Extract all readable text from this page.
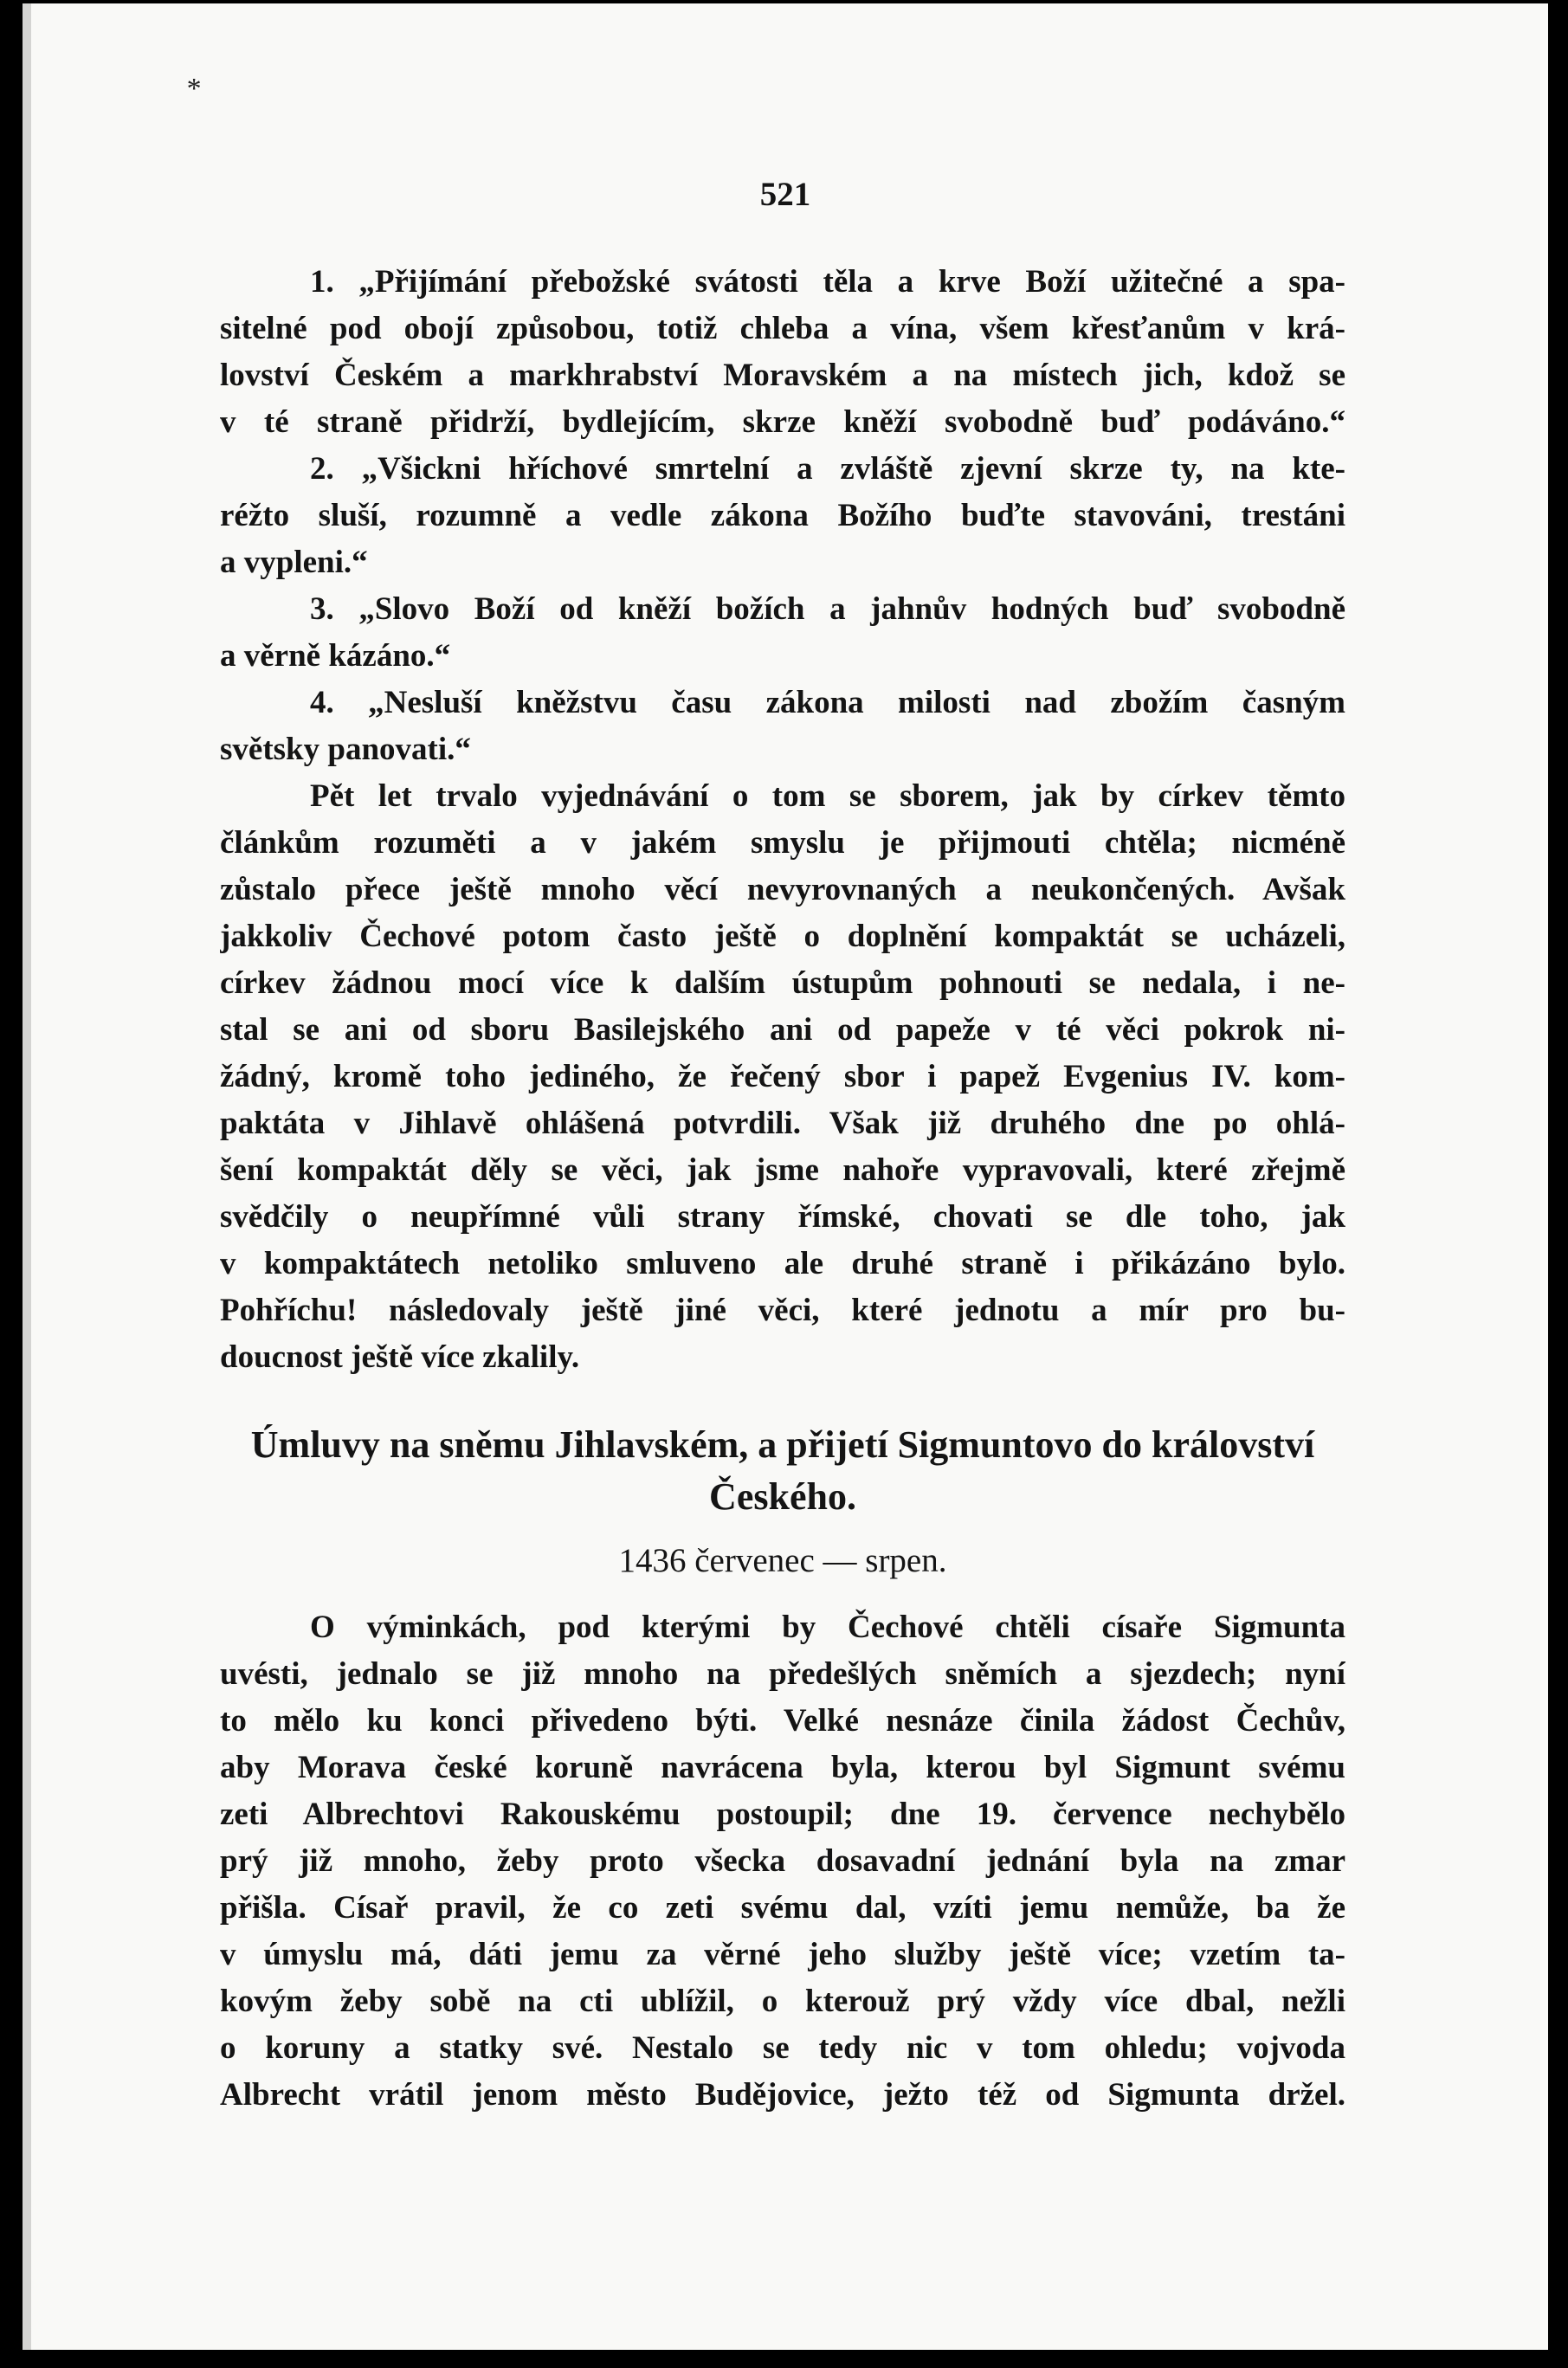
*
521
1. „Přijímání přebožské svátosti těla a krve Boží užitečné a spa-
sitelné pod obojí způsobou, totiž chleba a vína, všem křesťanům v krá-
lovství Českém a markhrabství Moravském a na místech jich, kdož se
v té straně přidrží, bydlejícím, skrze kněží svobodně buď podáváno.“
2. „Všickni hříchové smrtelní a zvláště zjevní skrze ty, na kte-
réžto sluší, rozumně a vedle zákona Božího buďte stavováni, trestáni
a vypleni.“
3. „Slovo Boží od kněží božích a jahnův hodných buď svobodně
a věrně kázáno.“
4. „Nesluší kněžstvu času zákona milosti nad zbožím časným
světsky panovati.“
Pět let trvalo vyjednávání o tom se sborem, jak by církev těmto
článkům rozuměti a v jakém smyslu je přijmouti chtěla; nicméně
zůstalo přece ještě mnoho věcí nevyrovnaných a neukončených. Avšak
jakkoliv Čechové potom často ještě o doplnění kompaktát se ucházeli,
církev žádnou mocí více k dalším ústupům pohnouti se nedala, i ne-
stal se ani od sboru Basilejského ani od papeže v té věci pokrok ni-
žádný, kromě toho jediného, že řečený sbor i papež Evgenius IV. kom-
paktáta v Jihlavě ohlášená potvrdili. Však již druhého dne po ohlá-
šení kompaktát děly se věci, jak jsme nahoře vypravovali, které zřejmě
svědčily o neupřímné vůli strany římské, chovati se dle toho, jak
v kompaktátech netoliko smluveno ale druhé straně i přikázáno bylo.
Pohříchu! následovaly ještě jiné věci, které jednotu a mír pro bu-
doucnost ještě více zkalily.
Úmluvy na sněmu Jihlavském, a přijetí Sigmuntovo do království
Českého.
1436 červenec — srpen.
O výminkách, pod kterými by Čechové chtěli císaře Sigmunta
uvésti, jednalo se již mnoho na předešlých sněmích a sjezdech; nyní
to mělo ku konci přivedeno býti. Velké nesnáze činila žádost Čechův,
aby Morava české koruně navrácena byla, kterou byl Sigmunt svému
zeti Albrechtovi Rakouskému postoupil; dne 19. července nechybělo
prý již mnoho, žeby proto všecka dosavadní jednání byla na zmar
přišla. Císař pravil, že co zeti svému dal, vzíti jemu nemůže, ba že
v úmyslu má, dáti jemu za věrné jeho služby ještě více; vzetím ta-
kovým žeby sobě na cti ublížil, o kterouž prý vždy více dbal, nežli
o koruny a statky své. Nestalo se tedy nic v tom ohledu; vojvoda
Albrecht vrátil jenom město Budějovice, ježto též od Sigmunta držel.
